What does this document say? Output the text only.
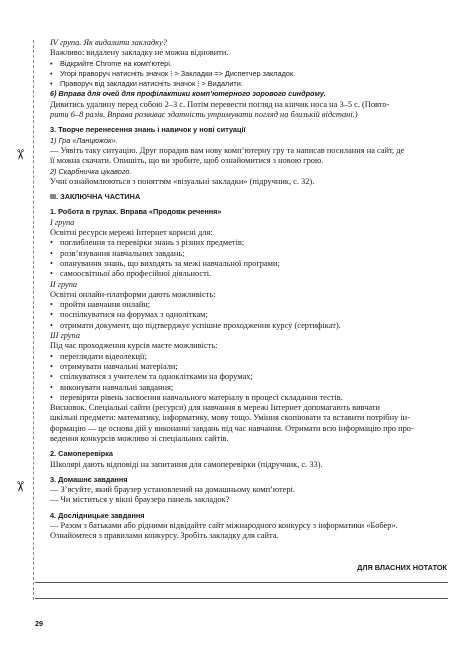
✂
✂
IV група. Як видалити закладку?
Важливо: видалену закладку не можна відновити.
• Відкрийте Chrome на комп’ютері.
• Угорі праворуч натисніть значок ⁝ > Закладки => Диспетчер закладок.
• Праворуч від закладки натисніть значок ⁝ > Видалити.
6) Вправа для очей для профілактики комп’ютерного зорового синдрому.
Дивитись удалину перед собою 2–3 с. Потім перевести погляд на кінчик носа на 3–5 с. (Повто-
рити 6–8 разів. Вправа розвиває здатність утримувати погляд на близькій відстані.)
3. Творче перенесення знань і навичок у нові ситуації
1) Гра «Ланцюжок».
— Уявіть таку ситуацію. Друг порадив вам нову комп’ютерну гру та написав посилання на сайт, де
її можна скачати. Опишіть, що ви зробите, щоб ознайомитися з новою грою.
2) Скарбничка цікавого.
Учні ознайомлюються з поняттям «візуальні закладки» (підручник, с. 32).
III. ЗАКЛЮЧНА ЧАСТИНА
1. Робота в групах. Вправа «Продовж речення»
І група
Освітні ресурси мережі Інтернет корисні для:
• поглиблення та перевірки знань з різних предметів;
• розв’язування навчальних завдань;
• опанування знань, що виходять за межі навчальної програми;
• самоосвітньої або професійної діяльності.
ІІ група
Освітні онлайн-платформи дають можливість:
• пройти навчання онлайн;
• поспілкуватися на форумах з одноліткам;
• отримати документ, що підтверджує успішне проходження курсу (сертифікат).
ІІІ група
Під час проходження курсів маєте можливість:
• переглядати відеолекції;
• отримувати навчальні матеріали;
• спілкуватися з учителем та одноклітками на форумах;
• виконувати навчальні завдання;
• перевіряти рівень засвоєння навчального матеріалу в процесі складання тестів.
Висновок. Спеціальні сайти (ресурси) для навчання в мережі Інтернет допомагають вивчати
шкільні предмети: математику, інформатику, мову тощо. Уміння скопіювати та вставити потрібну ін-
формацію — це основа дій у виконанні завдань під час навчання. Отримати всю інформацію про про-
ведення конкурсів можливо зі спеціальних сайтів.
2. Самоперевірка
Школярі дають відповіді на запитання для самоперевірки (підручник, с. 33).
3. Домашнє завдання
— З’ясуйте, який браузер установлений на домашньому комп’ютері.
— Чи міститься у вікні браузера панель закладок?
4. Дослідницьке завдання
— Разом з батьками або рідними відвідайте сайт міжнародного конкурсу з інформатики «Бобер».
Ознайомтеся з правилами конкурсу. Зробіть закладку для сайта.
ДЛЯ ВЛАСНИХ НОТАТОК
29
